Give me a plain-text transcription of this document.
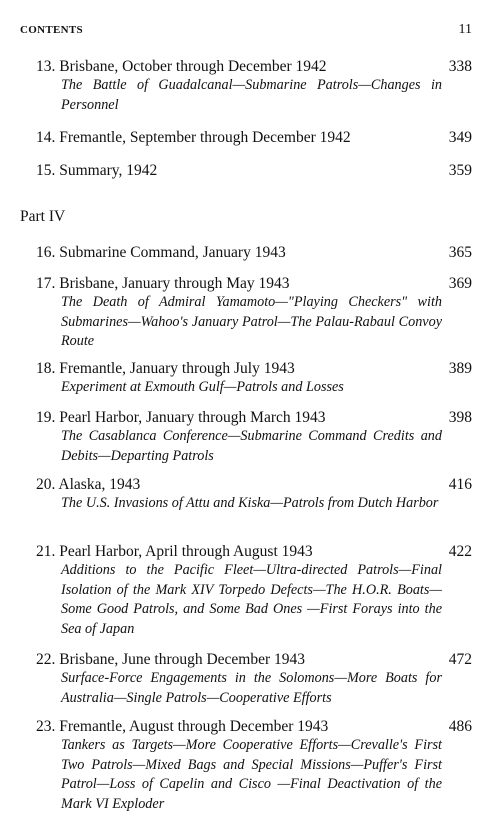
CONTENTS	11
13. Brisbane, October through December 1942	338
The Battle of Guadalcanal—Submarine Patrols—Changes in Personnel
14. Fremantle, September through December 1942	349
15. Summary, 1942	359
Part IV
16. Submarine Command, January 1943	365
17. Brisbane, January through May 1943	369
The Death of Admiral Yamamoto—"Playing Checkers" with Submarines—Wahoo's January Patrol—The Palau-Rabaul Convoy Route
18. Fremantle, January through July 1943	389
Experiment at Exmouth Gulf—Patrols and Losses
19. Pearl Harbor, January through March 1943	398
The Casablanca Conference—Submarine Command Credits and Debits—Departing Patrols
20. Alaska, 1943	416
The U.S. Invasions of Attu and Kiska—Patrols from Dutch Harbor
21. Pearl Harbor, April through August 1943	422
Additions to the Pacific Fleet—Ultra-directed Patrols—Final Isolation of the Mark XIV Torpedo Defects—The H.O.R. Boats—Some Good Patrols, and Some Bad Ones —First Forays into the Sea of Japan
22. Brisbane, June through December 1943	472
Surface-Force Engagements in the Solomons—More Boats for Australia—Single Patrols—Cooperative Efforts
23. Fremantle, August through December 1943	486
Tankers as Targets—More Cooperative Efforts—Crevalle's First Two Patrols—Mixed Bags and Special Missions—Puffer's First Patrol—Loss of Capelin and Cisco —Final Deactivation of the Mark VI Exploder
